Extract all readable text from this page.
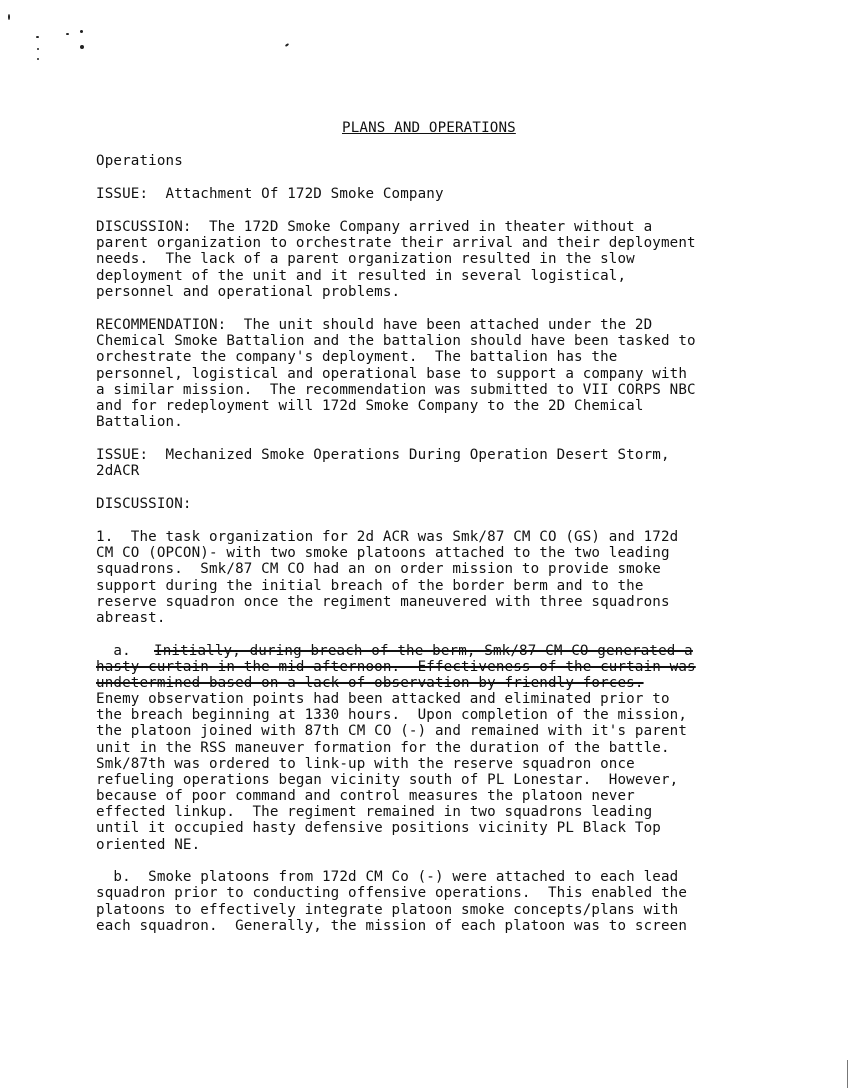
PLANS AND OPERATIONS
Operations
ISSUE:  Attachment Of 172D Smoke Company
DISCUSSION:  The 172D Smoke Company arrived in theater without a
parent organization to orchestrate their arrival and their deployment
needs.  The lack of a parent organization resulted in the slow
deployment of the unit and it resulted in several logistical,
personnel and operational problems.
RECOMMENDATION:  The unit should have been attached under the 2D
Chemical Smoke Battalion and the battalion should have been tasked to
orchestrate the company's deployment.  The battalion has the
personnel, logistical and operational base to support a company with
a similar mission.  The recommendation was submitted to VII CORPS NBC
and for redeployment will 172d Smoke Company to the 2D Chemical
Battalion.
ISSUE:  Mechanized Smoke Operations During Operation Desert Storm,
2dACR
DISCUSSION:
1.  The task organization for 2d ACR was Smk/87 CM CO (GS) and 172d
CM CO (OPCON)- with two smoke platoons attached to the two leading
squadrons.  Smk/87 CM CO had an on order mission to provide smoke
support during the initial breach of the border berm and to the
reserve squadron once the regiment maneuvered with three squadrons
abreast.
a. Initially, during breach of the berm, Smk/87 CM CO generated a
hasty curtain in the mid afternoon.  Effectiveness of the curtain was
undetermined based on a lack of observation by friendly forces.
Enemy observation points had been attacked and eliminated prior to
the breach beginning at 1330 hours.  Upon completion of the mission,
the platoon joined with 87th CM CO (-) and remained with it's parent
unit in the RSS maneuver formation for the duration of the battle.
Smk/87th was ordered to link-up with the reserve squadron once
refueling operations began vicinity south of PL Lonestar.  However,
because of poor command and control measures the platoon never
effected linkup.  The regiment remained in two squadrons leading
until it occupied hasty defensive positions vicinity PL Black Top
oriented NE.
b.  Smoke platoons from 172d CM Co (-) were attached to each lead
squadron prior to conducting offensive operations.  This enabled the
platoons to effectively integrate platoon smoke concepts/plans with
each squadron.  Generally, the mission of each platoon was to screen
